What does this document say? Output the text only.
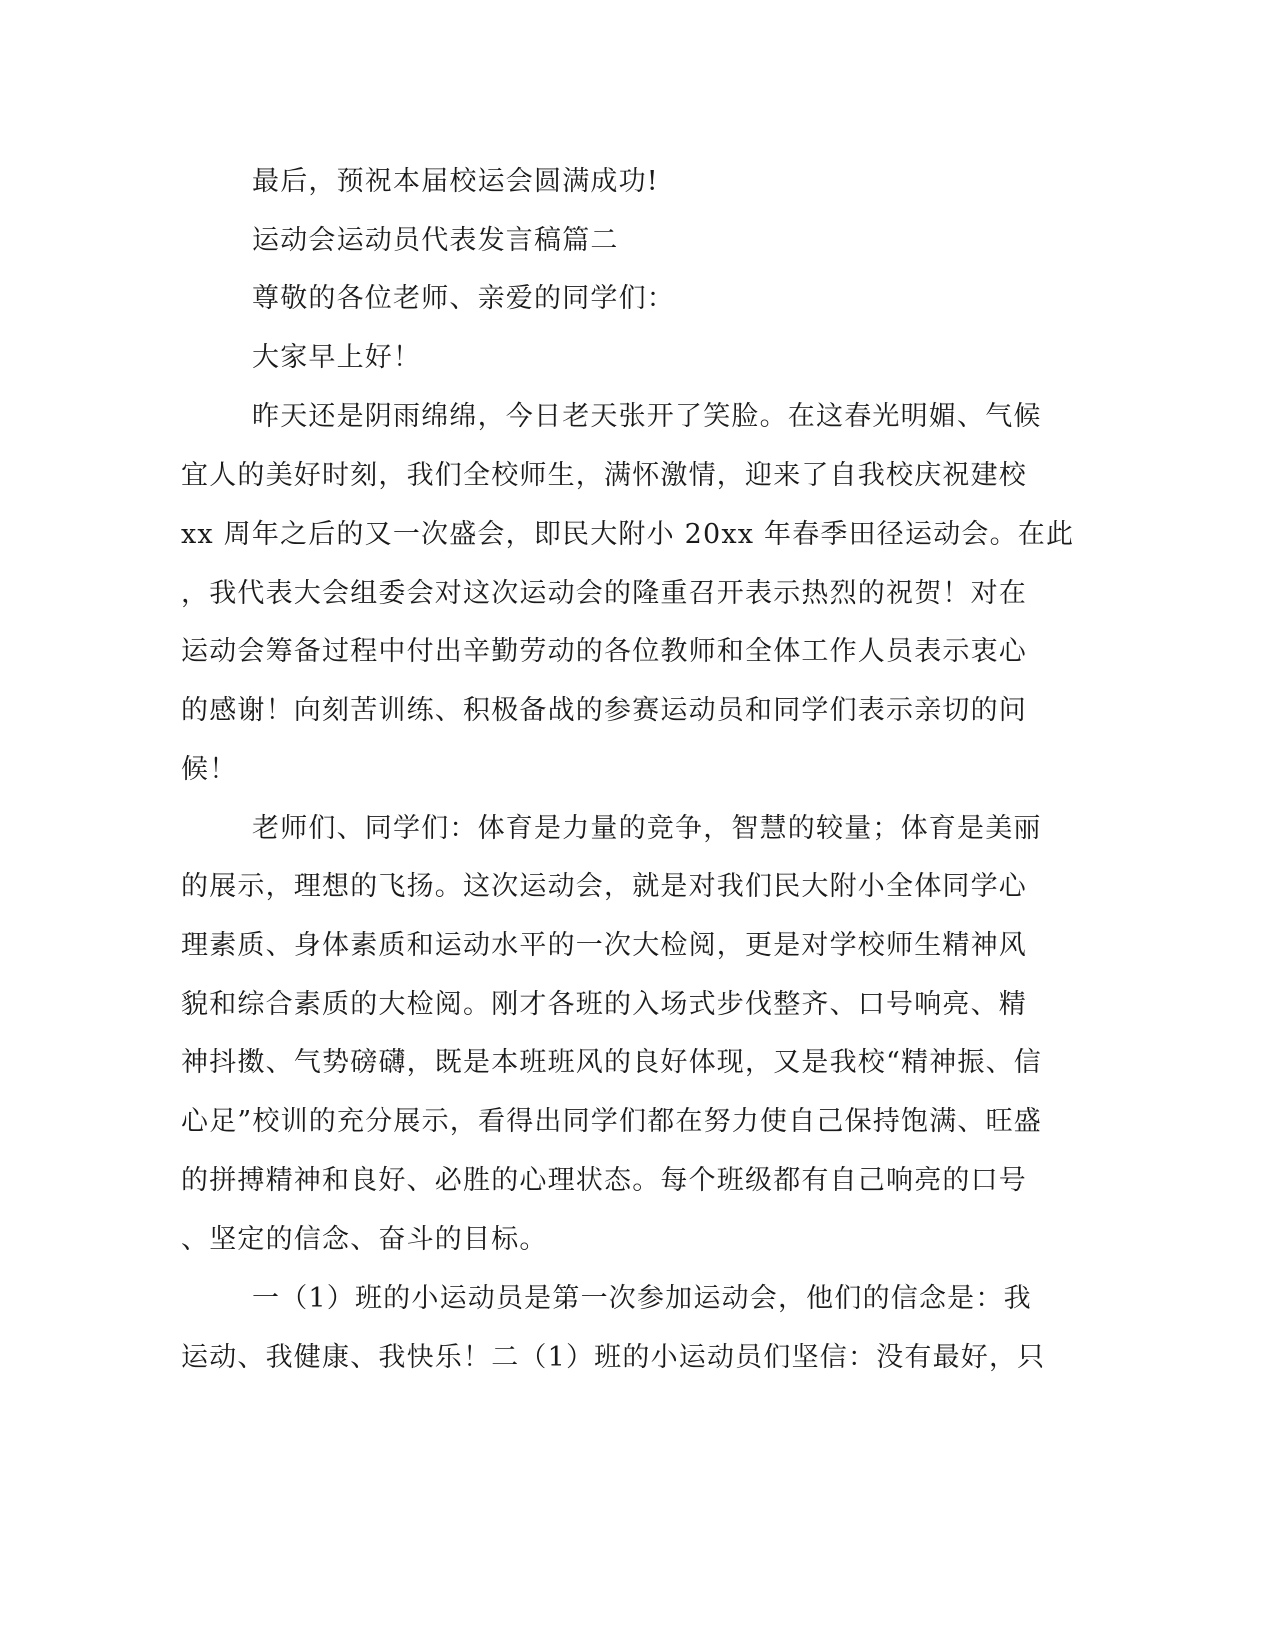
最后，预祝本届校运会圆满成功!
运动会运动员代表发言稿篇二
尊敬的各位老师、亲爱的同学们：
大家早上好！
昨天还是阴雨绵绵，今日老天张开了笑脸。在这春光明媚、气候
宜人的美好时刻，我们全校师生，满怀激情，迎来了自我校庆祝建校
xx 周年之后的又一次盛会，即民大附小 20xx 年春季田径运动会。在此
，我代表大会组委会对这次运动会的隆重召开表示热烈的祝贺！对在
运动会筹备过程中付出辛勤劳动的各位教师和全体工作人员表示衷心
的感谢！向刻苦训练、积极备战的参赛运动员和同学们表示亲切的问
候！
老师们、同学们：体育是力量的竞争，智慧的较量；体育是美丽
的展示，理想的飞扬。这次运动会，就是对我们民大附小全体同学心
理素质、身体素质和运动水平的一次大检阅，更是对学校师生精神风
貌和综合素质的大检阅。刚才各班的入场式步伐整齐、口号响亮、精
神抖擞、气势磅礴，既是本班班风的良好体现，又是我校“精神振、信
心足”校训的充分展示，看得出同学们都在努力使自己保持饱满、旺盛
的拼搏精神和良好、必胜的心理状态。每个班级都有自己响亮的口号
、坚定的信念、奋斗的目标。
一（1）班的小运动员是第一次参加运动会，他们的信念是：我
运动、我健康、我快乐！二（1）班的小运动员们坚信：没有最好，只
